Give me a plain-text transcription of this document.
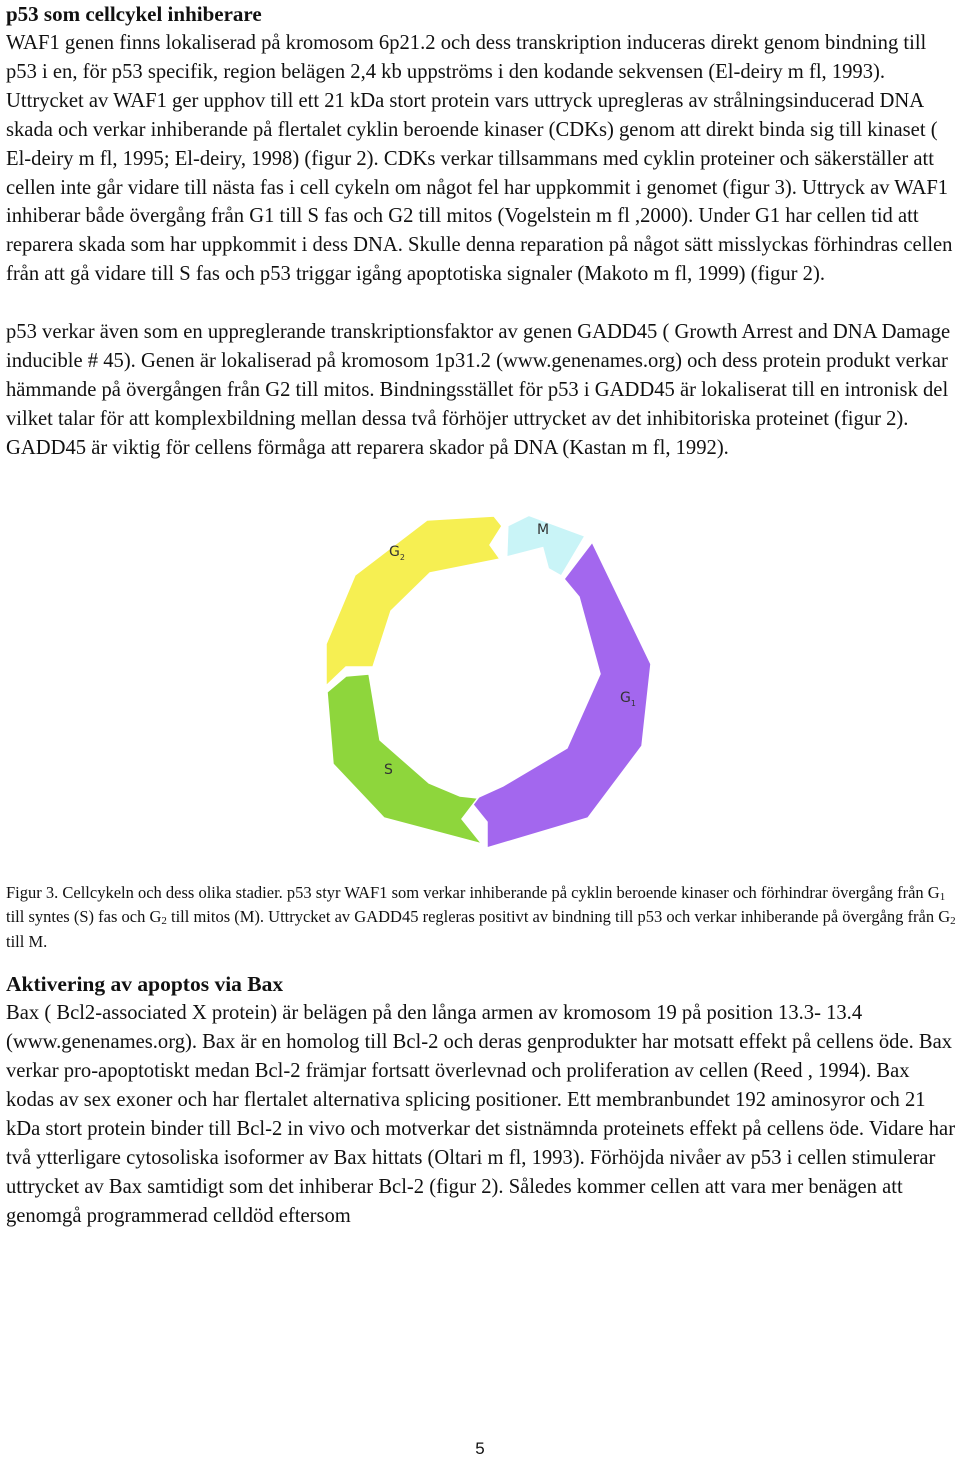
p53 som cellcykel inhiberare

WAF1 genen finns lokaliserad på kromosom 6p21.2 och dess transkription induceras direkt genom bindning till p53 i en, för p53 specifik, region belägen 2,4 kb uppströms i den kodande sekvensen (El-deiry m fl, 1993). Uttrycket av WAF1 ger upphov till ett 21 kDa stort protein vars uttryck upregleras av strålningsinducerad DNA skada och verkar inhiberande på flertalet cyklin beroende kinaser (CDKs) genom att direkt binda sig till kinaset ( El-deiry m fl, 1995; El-deiry, 1998) (figur 2). CDKs verkar tillsammans med cyklin proteiner och säkerställer att cellen inte går vidare till nästa fas i cell cykeln om något fel har uppkommit i genomet (figur 3). Uttryck av WAF1 inhiberar både övergång från G1 till S fas och G2 till mitos (Vogelstein m fl ,2000). Under G1 har cellen tid att reparera skada som har uppkommit i dess DNA. Skulle denna reparation på något sätt misslyckas förhindras cellen från att gå vidare till S fas och p53 triggar igång apoptotiska signaler (Makoto m fl, 1999) (figur 2).

p53 verkar även som en uppreglerande transkriptionsfaktor av genen GADD45 ( Growth Arrest and DNA Damage inducible # 45). Genen är lokaliserad på kromosom 1p31.2 (www.genenames.org) och dess protein produkt verkar hämmande på övergången från G2 till mitos. Bindningsstället för p53 i GADD45 är lokaliserat till en intronisk del vilket talar för att komplexbildning mellan dessa två förhöjer uttrycket av det inhibitoriska proteinet (figur 2). GADD45 är viktig för cellens förmåga att reparera skador på DNA (Kastan m fl, 1992).

M
$G_1$
S
$G_2$

Figur 3. Cellcykeln och dess olika stadier. p53 styr WAF1 som verkar inhiberande på cyklin beroende kinaser och förhindrar övergång från $G_1$ till syntes (S) fas och $G_2$ till mitos (M). Uttrycket av GADD45 regleras positivt av bindning till p53 och verkar inhiberande på övergång från $G_2$ till M.

Aktivering av apoptos via Bax

Bax ( Bcl2-associated X protein) är belägen på den långa armen av kromosom 19 på position 13.3- 13.4 (www.genenames.org). Bax är en homolog till Bcl-2 och deras genprodukter har motsatt effekt på cellens öde. Bax verkar pro-apoptotiskt medan Bcl-2 främjar fortsatt överlevnad och proliferation av cellen (Reed , 1994). Bax kodas av sex exoner och har flertalet alternativa splicing positioner. Ett membranbundet 192 aminosyror och 21 kDa stort protein binder till Bcl-2 in vivo och motverkar det sistnämnda proteinets effekt på cellens öde. Vidare har två ytterligare cytosoliska isoformer av Bax hittats (Oltari m fl, 1993). Förhöjda nivåer av p53 i cellen stimulerar uttrycket av Bax samtidigt som det inhiberar Bcl-2 (figur 2). Således kommer cellen att vara mer benägen att genomgå programmerad celldöd eftersom

5
